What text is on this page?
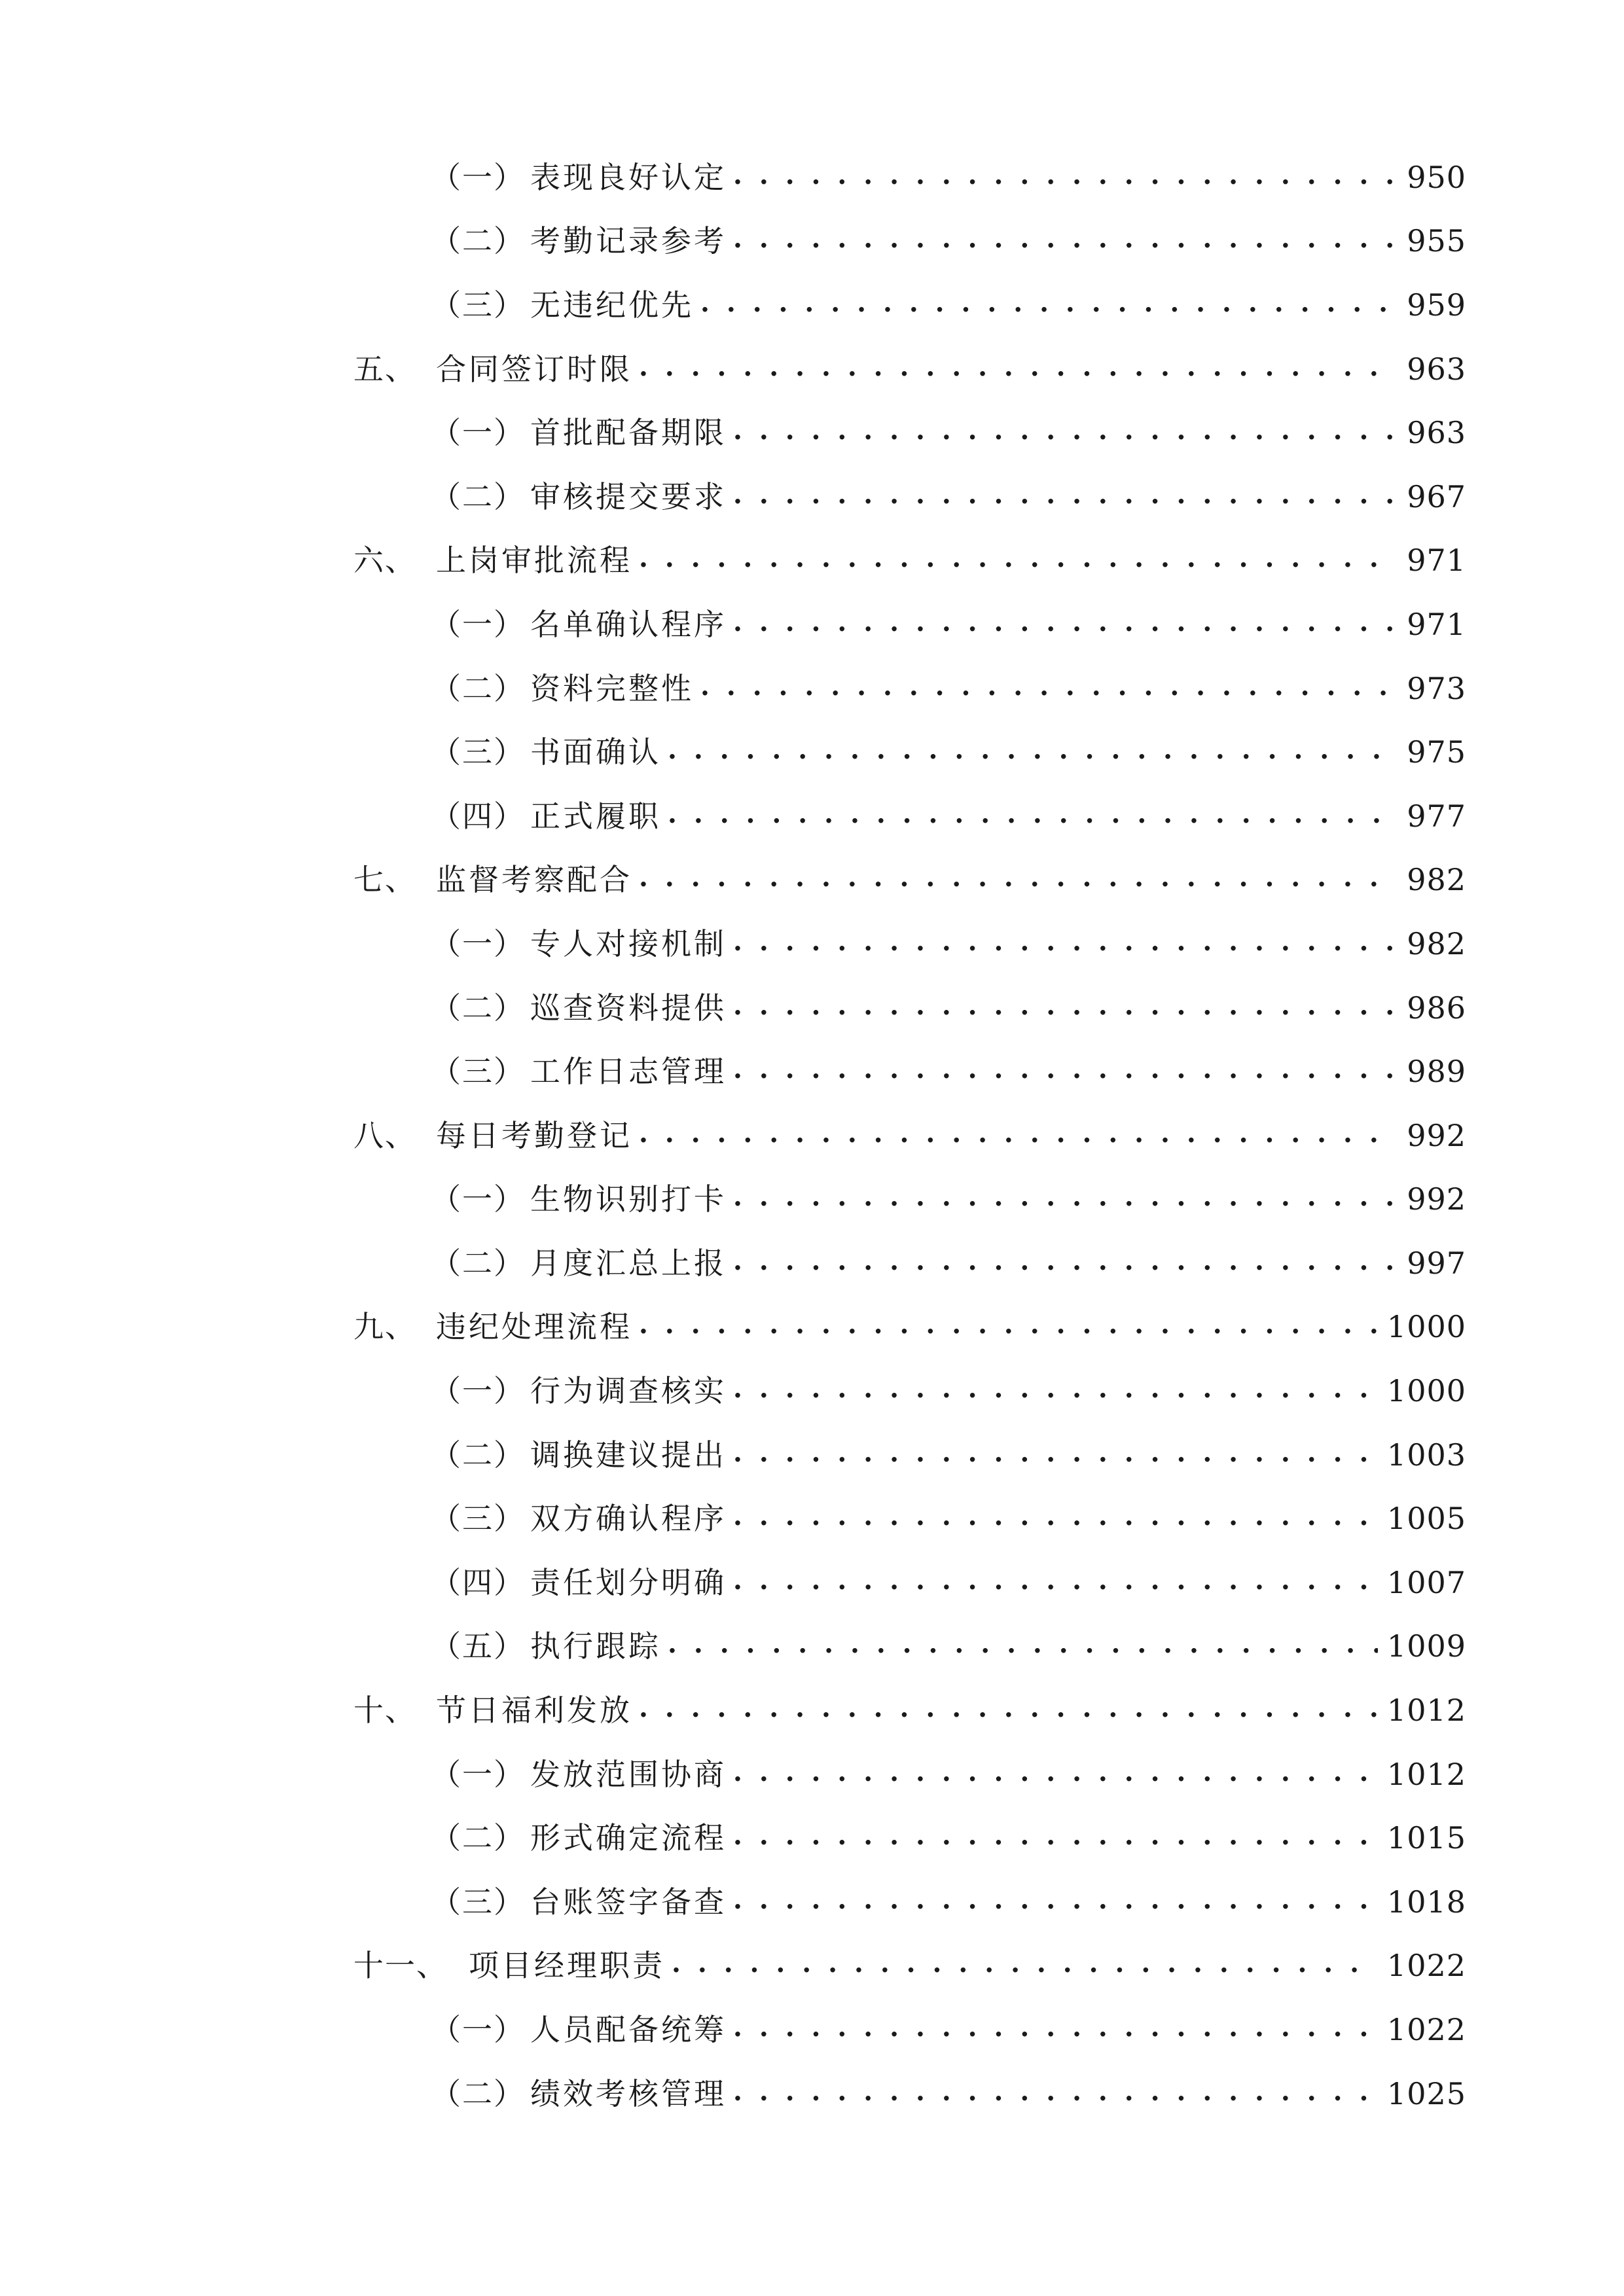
（一） 表现良好认定 . . .	950
（二） 考勤记录参考 . . .	955
（三） 无违纪优先 . . .	959
五、 合同签订时限 . . .	963
（一） 首批配备期限 . . .	963
（二） 审核提交要求 . . .	967
六、 上岗审批流程 . . .	971
（一） 名单确认程序 . . .	971
（二） 资料完整性 . . .	973
（三） 书面确认 . . .	975
（四） 正式履职 . . .	977
七、 监督考察配合 . . .	982
（一） 专人对接机制 . . .	982
（二） 巡查资料提供 . . .	986
（三） 工作日志管理 . . .	989
八、 每日考勤登记 . . .	992
（一） 生物识别打卡 . . .	992
（二） 月度汇总上报 . . .	997
九、 违纪处理流程 . . .	1000
（一） 行为调查核实 . . .	1000
（二） 调换建议提出 . . .	1003
（三） 双方确认程序 . . .	1005
（四） 责任划分明确 . . .	1007
（五） 执行跟踪 . . .	1009
十、 节日福利发放 . . .	1012
（一） 发放范围协商 . . .	1012
（二） 形式确定流程 . . .	1015
（三） 台账签字备查 . . .	1018
十一、 项目经理职责 . . .	1022
（一） 人员配备统筹 . . .	1022
（二） 绩效考核管理 . . .	1025
